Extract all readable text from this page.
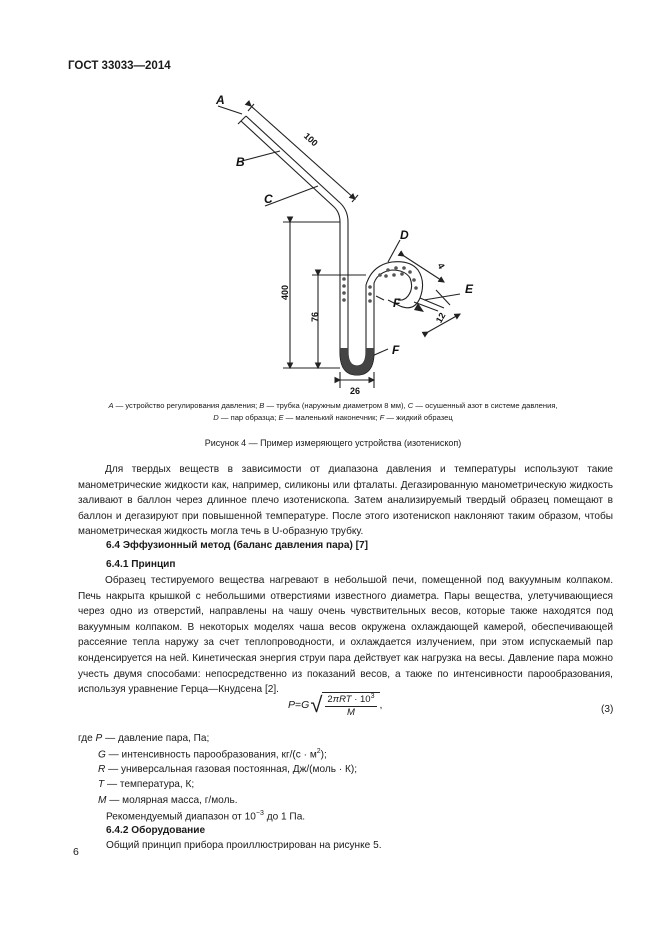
ГОСТ 33033—2014
A
B
C
D
E
F
F
100
400
76
26
4
12
A — устройство регулирования давления; B — трубка (наружным диаметром 8 мм), C — осушенный азот в системе давления,
D — пар образца; E — маленький наконечник; F — жидкий образец
Рисунок 4 — Пример измеряющего устройства (изотенископ)

Для твердых веществ в зависимости от диапазона давления и температуры используют такие манометрические жидкости как, например, силиконы или фталаты. Дегазированную манометрическую жидкость заливают в баллон через длинное плечо изотенископа. Затем анализируемый твердый образец помещают в баллон и дегазируют при повышенной температуре. После этого изотенископ наклоняют таким образом, чтобы манометрическая жидкость могла течь в U-образную трубку.

6.4 Эффузионный метод (баланс давления пара) [7]
6.4.1 Принцип

Образец тестируемого вещества нагревают в небольшой печи, помещенной под вакуумным колпаком. Печь накрыта крышкой с небольшими отверстиями известного диаметра. Пары вещества, улетучивающиеся через одно из отверстий, направлены на чашу очень чувствительных весов, которые также находятся под вакуумным колпаком. В некоторых моделях чаша весов окружена охлаждающей камерой, обеспечивающей рассеяние тепла наружу за счет теплопроводности, и охлаждается излучением, при этом испускаемый пар конденсируется на ней. Кинетическая энергия струи пара действует как нагрузка на весы. Давление пара можно учесть двумя способами: непосредственно из показаний весов, а также по интенсивности парообразования, используя уравнение Герца—Кнудсена [2].

P = G √ $2\pi RT \cdot 10^3$
M
,	(3)
где P — давление пара, Па;
G — интенсивность парообразования, $кг/(с \cdot м^2)$;
R — универсальная газовая постоянная, Дж/(моль · К);
T — температура, К;
M — молярная масса, г/моль.
Рекомендуемый диапазон от $10^{-3}$ до 1 Па.
6.4.2 Оборудование
Общий принцип прибора проиллюстрирован на рисунке 5.
6
